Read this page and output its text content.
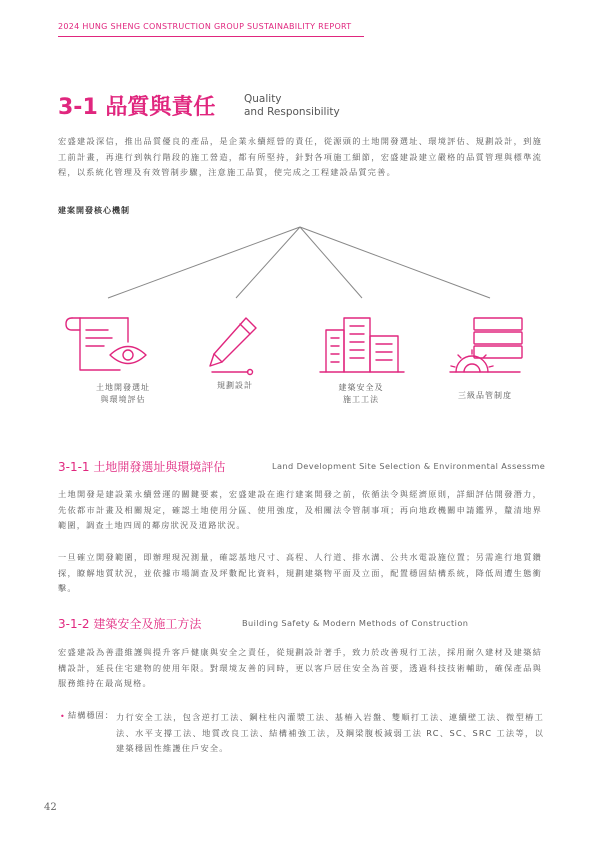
2024 HUNG SHENG CONSTRUCTION GROUP SUSTAINABILITY REPORT
3-1 品質與責任	Quality
and Responsibility
宏盛建設深信，推出品質優良的產品，是企業永續經營的責任，從源頭的土地開發選址、環境評估、規劃設計，到施工前計畫，再進行到執行階段的施工營造，都有所堅持，針對各項施工細節，宏盛建設建立嚴格的品質管理與標準流程，以系統化管理及有效管制步驟，注意施工品質，使完成之工程建設品質完善。
建案開發核心機制
土地開發選址
與環境評估
規劃設計	建築安全及
施工工法	三級品管制度
3-1-1 土地開發選址與環境評估	Land Development Site Selection & Environmental Assessme
土地開發是建設業永續營運的關鍵要素，宏盛建設在進行建案開發之前，依循法令與經濟原則，詳細評估開發潛力，先依都市計畫及相關規定，確認土地使用分區、使用強度，及相關法令管制事項；再向地政機關申請鑑界，釐清地界範圍，調查土地四周的鄰房狀況及道路狀況。
一旦確立開發範圍，即辦理現況測量，確認基地尺寸、高程、人行道、排水溝、公共水電設施位置；另需進行地質鑽探，瞭解地質狀況，並依據市場調查及坪數配比資料，規劃建築物平面及立面，配置穩固結構系統，降低周遭生態衝擊。
3-1-2 建築安全及施工方法	Building Safety & Modern Methods of Construction
宏盛建設為善盡維護與提升客戶健康與安全之責任，從規劃設計著手，致力於改善現行工法，採用耐久建材及建築結構設計，延長住宅建物的使用年限。對環境友善的同時，更以客戶居住安全為首要，透過科技技術輔助，確保產品與服務維持在最高規格。
• 結構穩固： 力行安全工法，包含逆打工法、鋼柱柱內灌漿工法、基樁入岩盤、雙順打工法、連續壁工法、微型樁工法、水平支撐工法、地質改良工法、結構補強工法，及鋼梁腹板減弱工法 RC、SC、SRC 工法等，以建築穩固性維護住戶安全。
42
